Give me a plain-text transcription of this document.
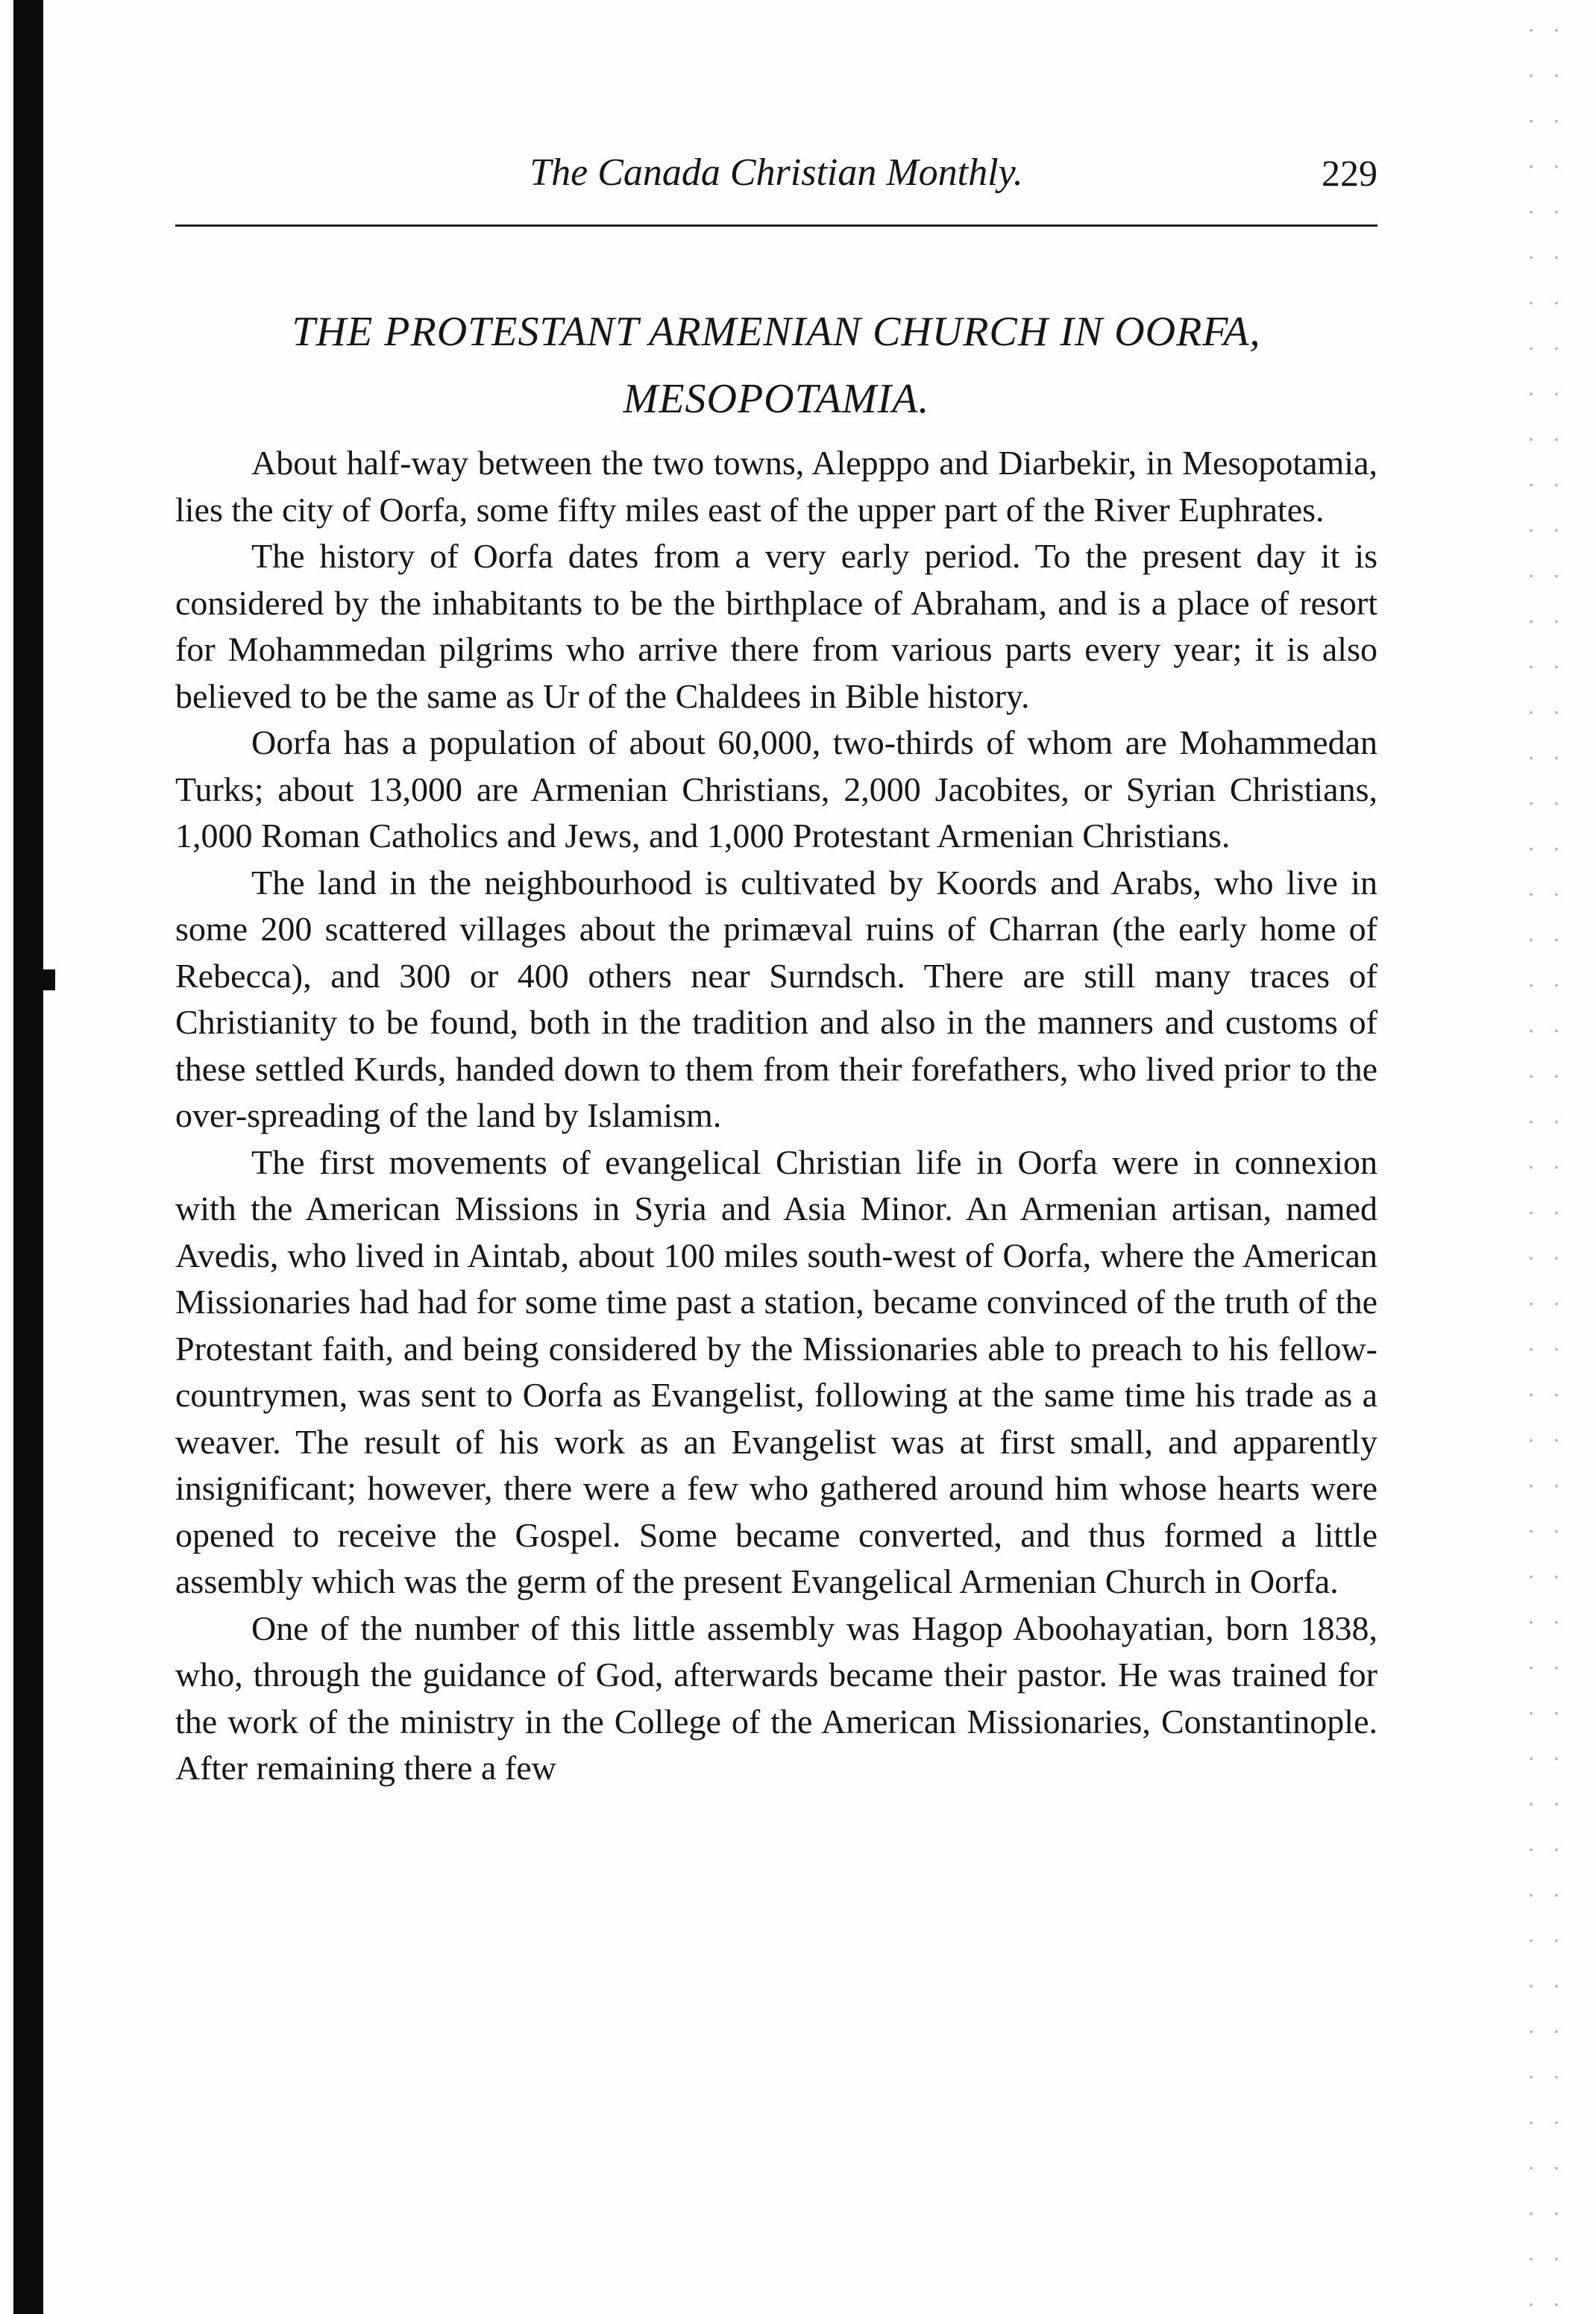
The Canada Christian Monthly.	229
THE PROTESTANT ARMENIAN CHURCH IN OORFA, MESOPOTAMIA.

About half-way between the two towns, Alepppo and Diarbekir, in Mesopotamia, lies the city of Oorfa, some fifty miles east of the upper part of the River Euphrates.

The history of Oorfa dates from a very early period. To the present day it is considered by the inhabitants to be the birthplace of Abraham, and is a place of resort for Mohammedan pilgrims who arrive there from various parts every year; it is also believed to be the same as Ur of the Chaldees in Bible history.

Oorfa has a population of about 60,000, two-thirds of whom are Mohammedan Turks; about 13,000 are Armenian Christians, 2,000 Jacobites, or Syrian Christians, 1,000 Roman Catholics and Jews, and 1,000 Protestant Armenian Christians.

The land in the neighbourhood is cultivated by Koords and Arabs, who live in some 200 scattered villages about the primæval ruins of Charran (the early home of Rebecca), and 300 or 400 others near Surndsch. There are still many traces of Christianity to be found, both in the tradition and also in the manners and customs of these settled Kurds, handed down to them from their forefathers, who lived prior to the over-spreading of the land by Islamism.

The first movements of evangelical Christian life in Oorfa were in connexion with the American Missions in Syria and Asia Minor. An Armenian artisan, named Avedis, who lived in Aintab, about 100 miles south-west of Oorfa, where the American Missionaries had had for some time past a station, became convinced of the truth of the Protestant faith, and being considered by the Missionaries able to preach to his fellow-countrymen, was sent to Oorfa as Evangelist, following at the same time his trade as a weaver. The result of his work as an Evangelist was at first small, and apparently insignificant; however, there were a few who gathered around him whose hearts were opened to receive the Gospel. Some became converted, and thus formed a little assembly which was the germ of the present Evangelical Armenian Church in Oorfa.

One of the number of this little assembly was Hagop Aboohayatian, born 1838, who, through the guidance of God, afterwards became their pastor. He was trained for the work of the ministry in the College of the American Missionaries, Constantinople. After remaining there a few
